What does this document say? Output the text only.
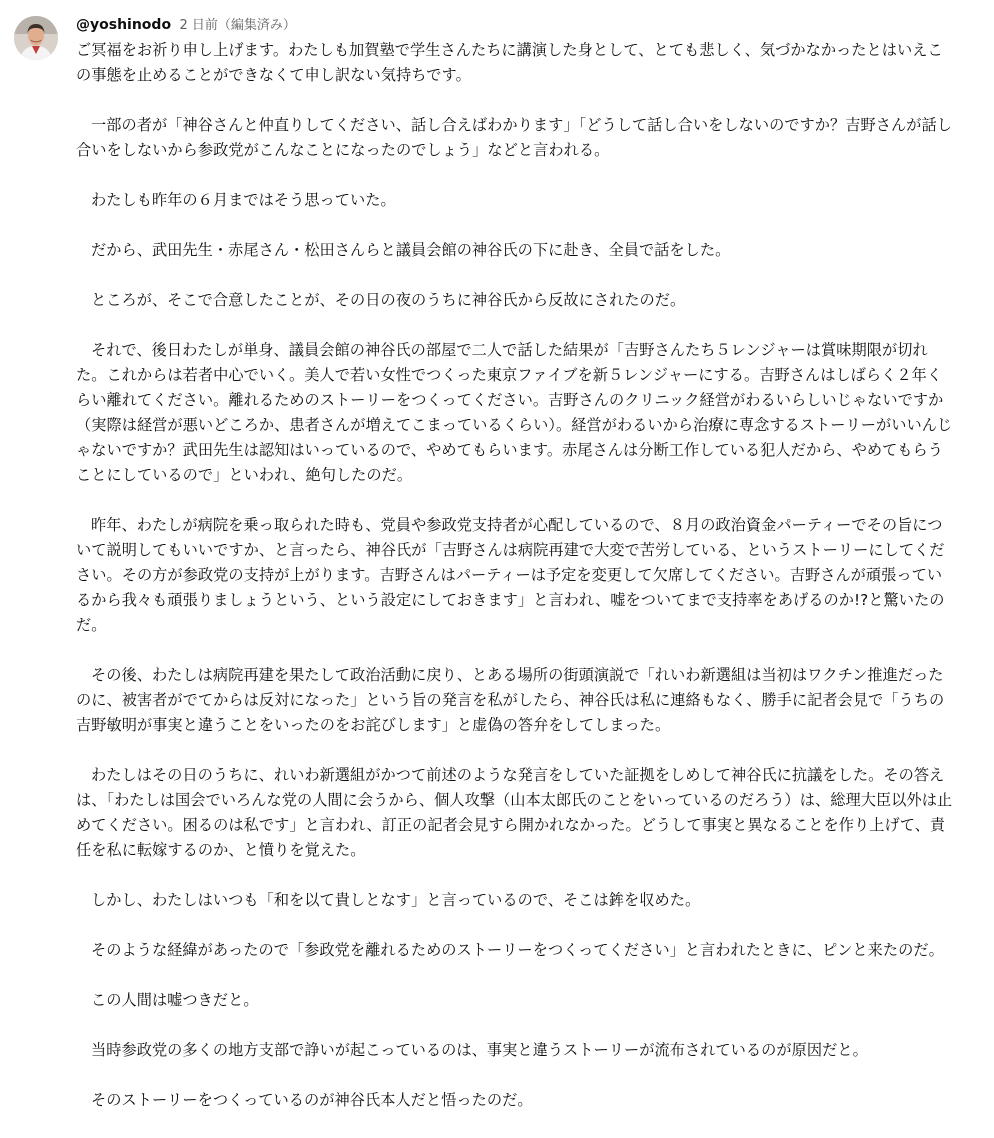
@yoshinodo 2 日前（編集済み）

ご冥福をお祈り申し上げます。わたしも加賀塾で学生さんたちに講演した身として、とても悲しく、気づかなかったとはいえこの事態を止めることができなくて申し訳ない気持ちです。

一部の者が「神谷さんと仲直りしてください、話し合えばわかります」「どうして話し合いをしないのですか？吉野さんが話し合いをしないから参政党がこんなことになったのでしょう」などと言われる。

わたしも昨年の６月まではそう思っていた。

だから、武田先生・赤尾さん・松田さんらと議員会館の神谷氏の下に赴き、全員で話をした。

ところが、そこで合意したことが、その日の夜のうちに神谷氏から反故にされたのだ。

それで、後日わたしが単身、議員会館の神谷氏の部屋で二人で話した結果が「吉野さんたち５レンジャーは賞味期限が切れた。これからは若者中心でいく。美人で若い女性でつくった東京ファイブを新５レンジャーにする。吉野さんはしばらく２年くらい離れてください。離れるためのストーリーをつくってください。吉野さんのクリニック経営がわるいらしいじゃないですか（実際は経営が悪いどころか、患者さんが増えてこまっているくらい）。経営がわるいから治療に専念するストーリーがいいんじゃないですか？武田先生は認知はいっているので、やめてもらいます。赤尾さんは分断工作している犯人だから、やめてもらうことにしているので」といわれ、絶句したのだ。

昨年、わたしが病院を乗っ取られた時も、党員や参政党支持者が心配しているので、８月の政治資金パーティーでその旨について説明してもいいですか、と言ったら、神谷氏が「吉野さんは病院再建で大変で苦労している、というストーリーにしてください。その方が参政党の支持が上がります。吉野さんはパーティーは予定を変更して欠席してください。吉野さんが頑張っているから我々も頑張りましょうという、という設定にしておきます」と言われ、嘘をついてまで支持率をあげるのか!?と驚いたのだ。

その後、わたしは病院再建を果たして政治活動に戻り、とある場所の街頭演説で「れいわ新選組は当初はワクチン推進だったのに、被害者がでてからは反対になった」という旨の発言を私がしたら、神谷氏は私に連絡もなく、勝手に記者会見で「うちの吉野敏明が事実と違うことをいったのをお詫びします」と虚偽の答弁をしてしまった。

わたしはその日のうちに、れいわ新選組がかつて前述のような発言をしていた証拠をしめして神谷氏に抗議をした。その答えは、「わたしは国会でいろんな党の人間に会うから、個人攻撃（山本太郎氏のことをいっているのだろう）は、総理大臣以外は止めてください。困るのは私です」と言われ、訂正の記者会見すら開かれなかった。どうして事実と異なることを作り上げて、責任を私に転嫁するのか、と憤りを覚えた。

しかし、わたしはいつも「和を以て貴しとなす」と言っているので、そこは鉾を収めた。

そのような経緯があったので「参政党を離れるためのストーリーをつくってください」と言われたときに、ピンと来たのだ。

この人間は嘘つきだと。

当時参政党の多くの地方支部で諍いが起こっているのは、事実と違うストーリーが流布されているのが原因だと。

そのストーリーをつくっているのが神谷氏本人だと悟ったのだ。
